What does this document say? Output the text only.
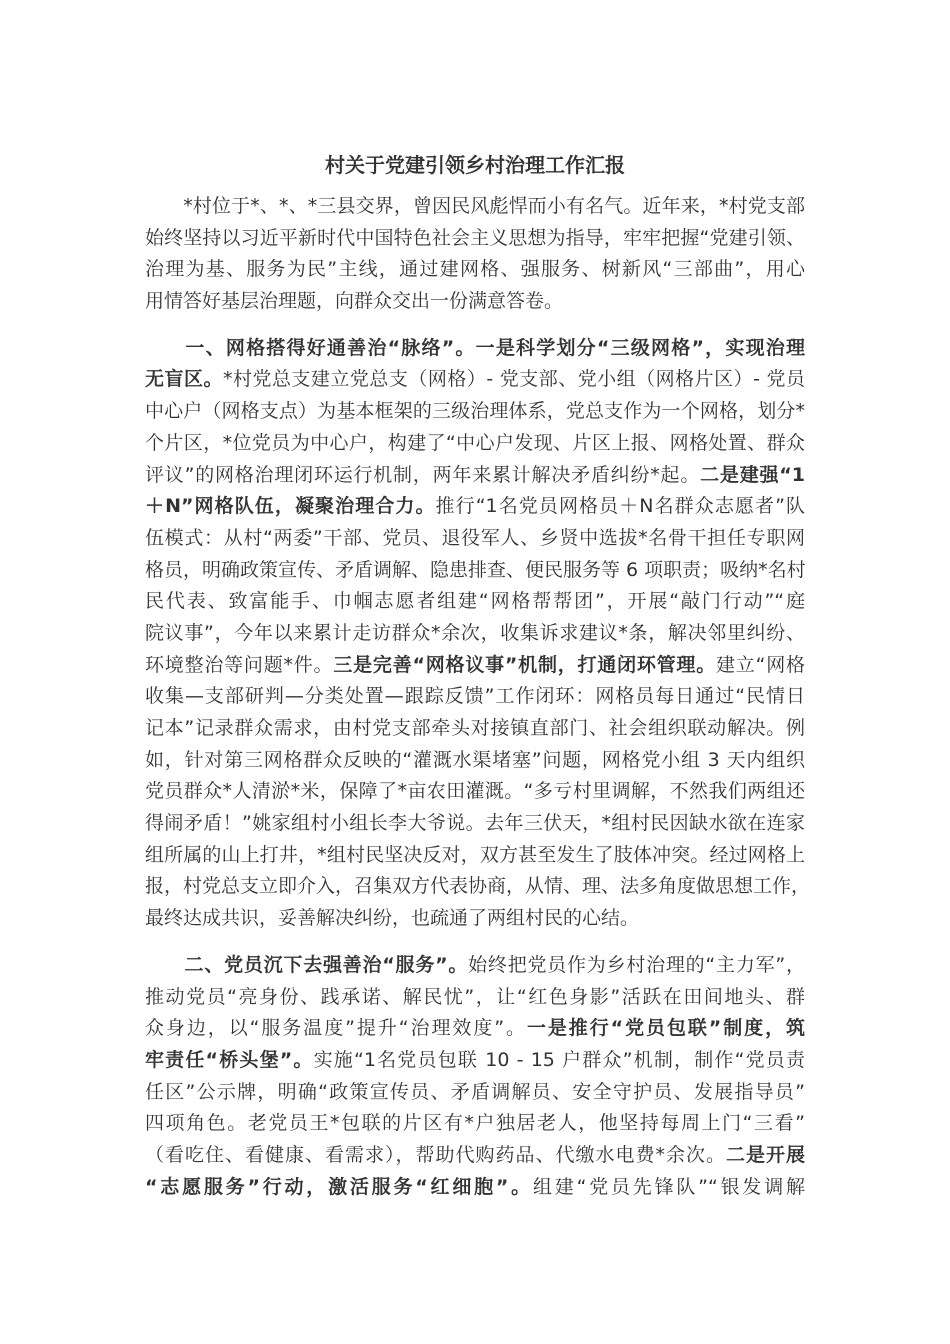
村关于党建引领乡村治理工作汇报
　　*村位于*、*、*三县交界，曾因民风彪悍而小有名气。近年来，*村党支部
始终坚持以习近平新时代中国特色社会主义思想为指导，牢牢把握“党建引领、
治理为基、服务为民”主线，通过建网格、强服务、树新风“三部曲”，用心
用情答好基层治理题，向群众交出一份满意答卷。
　　一、网格搭得好通善治“脉络”。一是科学划分“三级网格”，实现治理
无盲区。*村党总支建立党总支（网格）- 党支部、党小组（网格片区）- 党员
中心户（网格支点）为基本框架的三级治理体系，党总支作为一个网格，划分*
个片区，*位党员为中心户，构建了“中心户发现、片区上报、网格处置、群众
评议”的网格治理闭环运行机制，两年来累计解决矛盾纠纷*起。二是建强“1
＋N”网格队伍，凝聚治理合力。推行“1名党员网格员＋N名群众志愿者”队
伍模式：从村“两委”干部、党员、退役军人、乡贤中选拔*名骨干担任专职网
格员，明确政策宣传、矛盾调解、隐患排查、便民服务等 6 项职责；吸纳*名村
民代表、致富能手、巾帼志愿者组建“网格帮帮团”，开展“敲门行动”“庭
院议事”，今年以来累计走访群众*余次，收集诉求建议*条，解决邻里纠纷、
环境整治等问题*件。三是完善“网格议事”机制，打通闭环管理。建立“网格
收集—支部研判—分类处置—跟踪反馈”工作闭环：网格员每日通过“民情日
记本”记录群众需求，由村党支部牵头对接镇直部门、社会组织联动解决。例
如，针对第三网格群众反映的“灌溉水渠堵塞”问题，网格党小组 3 天内组织
党员群众*人清淤*米，保障了*亩农田灌溉。“多亏村里调解，不然我们两组还
得闹矛盾！”姚家组村小组长李大爷说。去年三伏天，*组村民因缺水欲在连家
组所属的山上打井，*组村民坚决反对，双方甚至发生了肢体冲突。经过网格上
报，村党总支立即介入，召集双方代表协商，从情、理、法多角度做思想工作，
最终达成共识，妥善解决纠纷，也疏通了两组村民的心结。
　　二、党员沉下去强善治“服务”。始终把党员作为乡村治理的“主力军”，
推动党员“亮身份、践承诺、解民忧”，让“红色身影”活跃在田间地头、群
众身边，以“服务温度”提升“治理效度”。一是推行“党员包联”制度，筑
牢责任“桥头堡”。实施“1名党员包联 10 - 15 户群众”机制，制作“党员责
任区”公示牌，明确“政策宣传员、矛盾调解员、安全守护员、发展指导员”
四项角色。老党员王*包联的片区有*户独居老人，他坚持每周上门“三看”
（看吃住、看健康、看需求），帮助代购药品、代缴水电费*余次。二是开展
“志愿服务”行动，激活服务“红细胞”。组建“党员先锋队”“银发调解
